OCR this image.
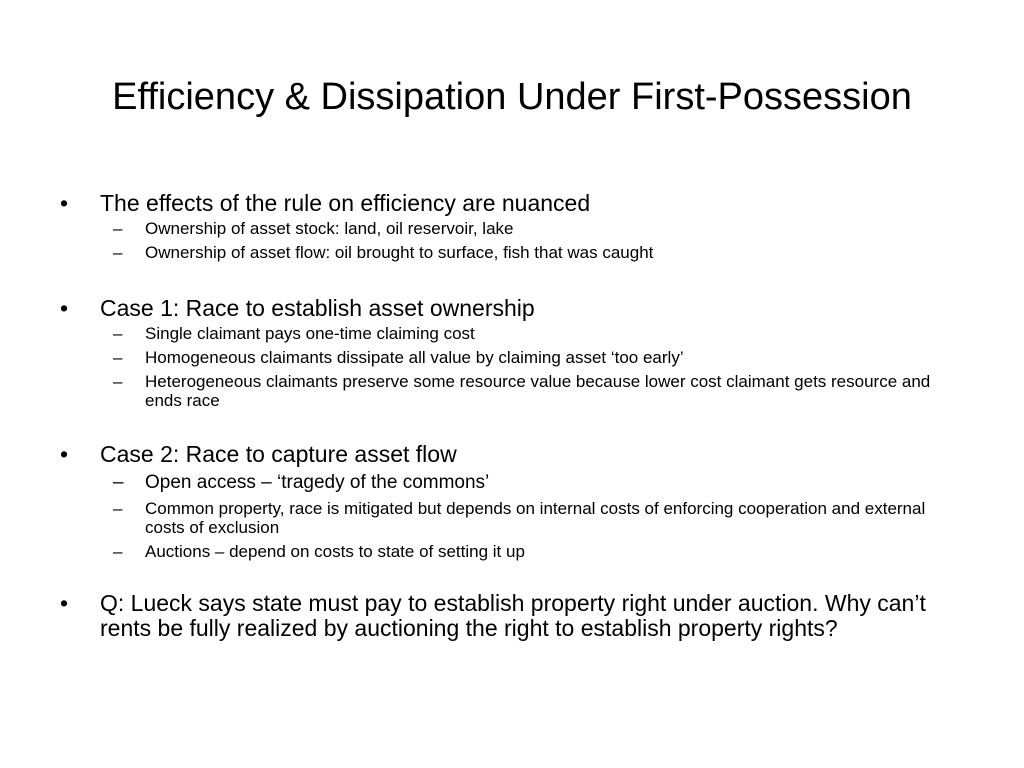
Efficiency & Dissipation Under First-Possession
• The effects of the rule on efficiency are nuanced
– Ownership of asset stock: land, oil reservoir, lake
– Ownership of asset flow: oil brought to surface, fish that was caught
• Case 1: Race to establish asset ownership
– Single claimant pays one-time claiming cost
– Homogeneous claimants dissipate all value by claiming asset ‘too early’
– Heterogeneous claimants preserve some resource value because lower cost claimant gets resource and ends race
• Case 2: Race to capture asset flow
– Open access – ‘tragedy of the commons’
– Common property, race is mitigated but depends on internal costs of enforcing cooperation and external costs of exclusion
– Auctions – depend on costs to state of setting it up
• Q: Lueck says state must pay to establish property right under auction. Why can’t rents be fully realized by auctioning the right to establish property rights?
